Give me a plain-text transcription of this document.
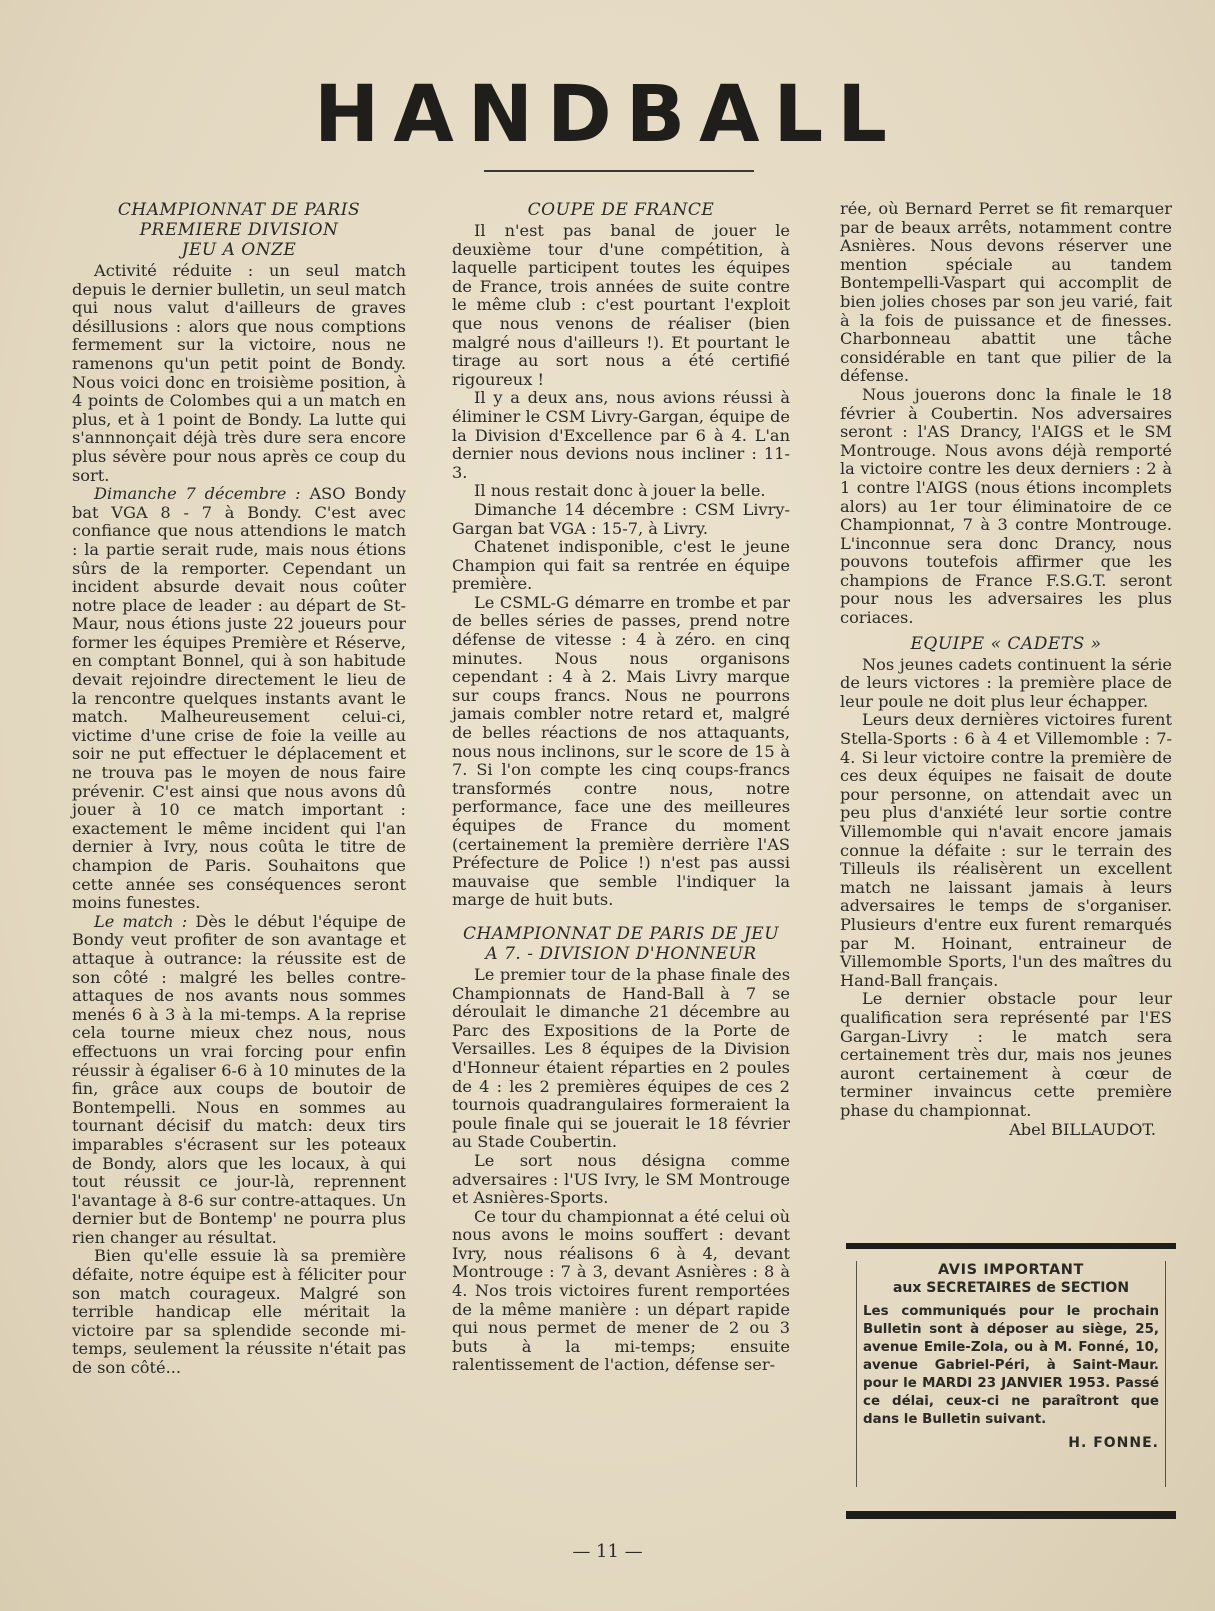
HANDBALL
CHAMPIONNAT DE PARIS
PREMIERE DIVISION
JEU A ONZE

Activité réduite : un seul match depuis le dernier bulletin, un seul match qui nous valut d'ailleurs de graves désillusions : alors que nous comptions fermement sur la victoire, nous ne ramenons qu'un petit point de Bondy. Nous voici donc en troisième position, à 4 points de Colombes qui a un match en plus, et à 1 point de Bondy. La lutte qui s'annnonçait déjà très dure sera encore plus sévère pour nous après ce coup du sort.

Dimanche 7 décembre : ASO Bondy bat VGA 8 - 7 à Bondy. C'est avec confiance que nous attendions le match : la partie serait rude, mais nous étions sûrs de la remporter. Cependant un incident absurde devait nous coûter notre place de leader : au départ de St-Maur, nous étions juste 22 joueurs pour former les équipes Première et Réserve, en comptant Bonnel, qui à son habitude devait rejoindre directement le lieu de la rencontre quelques instants avant le match. Malheureusement celui-ci, victime d'une crise de foie la veille au soir ne put effectuer le déplacement et ne trouva pas le moyen de nous faire prévenir. C'est ainsi que nous avons dû jouer à 10 ce match important : exactement le même incident qui l'an dernier à Ivry, nous coûta le titre de champion de Paris. Souhaitons que cette année ses conséquences seront moins funestes.

Le match : Dès le début l'équipe de Bondy veut profiter de son avantage et attaque à outrance: la réussite est de son côté : malgré les belles contre-attaques de nos avants nous sommes menés 6 à 3 à la mi-temps. A la reprise cela tourne mieux chez nous, nous effectuons un vrai forcing pour enfin réussir à égaliser 6-6 à 10 minutes de la fin, grâce aux coups de boutoir de Bontempelli. Nous en sommes au tournant décisif du match: deux tirs imparables s'écrasent sur les poteaux de Bondy, alors que les locaux, à qui tout réussit ce jour-là, reprennent l'avantage à 8-6 sur contre-attaques. Un dernier but de Bontemp' ne pourra plus rien changer au résultat.

Bien qu'elle essuie là sa première défaite, notre équipe est à féliciter pour son match courageux. Malgré son terrible handicap elle méritait la victoire par sa splendide seconde mi-temps, seulement la réussite n'était pas de son côté...

COUPE DE FRANCE

Il n'est pas banal de jouer le deuxième tour d'une compétition, à laquelle participent toutes les équipes de France, trois années de suite contre le même club : c'est pourtant l'exploit que nous venons de réaliser (bien malgré nous d'ailleurs !). Et pourtant le tirage au sort nous a été certifié rigoureux !

Il y a deux ans, nous avions réussi à éliminer le CSM Livry-Gargan, équipe de la Division d'Excellence par 6 à 4. L'an dernier nous devions nous incliner : 11-3.

Il nous restait donc à jouer la belle.

Dimanche 14 décembre : CSM Livry-Gargan bat VGA : 15-7, à Livry.

Chatenet indisponible, c'est le jeune Champion qui fait sa rentrée en équipe première.

Le CSML-G démarre en trombe et par de belles séries de passes, prend notre défense de vitesse : 4 à zéro. en cinq minutes. Nous nous organisons cependant : 4 à 2. Mais Livry marque sur coups francs. Nous ne pourrons jamais combler notre retard et, malgré de belles réactions de nos attaquants, nous nous inclinons, sur le score de 15 à 7. Si l'on compte les cinq coups-francs transformés contre nous, notre performance, face une des meilleures équipes de France du moment (certainement la première derrière l'AS Préfecture de Police !) n'est pas aussi mauvaise que semble l'indiquer la marge de huit buts.

CHAMPIONNAT DE PARIS DE JEU
A 7. - DIVISION D'HONNEUR

Le premier tour de la phase finale des Championnats de Hand-Ball à 7 se déroulait le dimanche 21 décembre au Parc des Expositions de la Porte de Versailles. Les 8 équipes de la Division d'Honneur étaient réparties en 2 poules de 4 : les 2 premières équipes de ces 2 tournois quadrangulaires formeraient la poule finale qui se jouerait le 18 février au Stade Coubertin.

Le sort nous désigna comme adversaires : l'US Ivry, le SM Montrouge et Asnières-Sports.

Ce tour du championnat a été celui où nous avons le moins souffert : devant Ivry, nous réalisons 6 à 4, devant Montrouge : 7 à 3, devant Asnières : 8 à 4. Nos trois victoires furent remportées de la même manière : un départ rapide qui nous permet de mener de 2 ou 3 buts à la mi-temps; ensuite ralentissement de l'action, défense ser-

rée, où Bernard Perret se fit remarquer par de beaux arrêts, notamment contre Asnières. Nous devons réserver une mention spéciale au tandem Bontempelli-Vaspart qui accomplit de bien jolies choses par son jeu varié, fait à la fois de puissance et de finesses. Charbonneau abattit une tâche considérable en tant que pilier de la défense.

Nous jouerons donc la finale le 18 février à Coubertin. Nos adversaires seront : l'AS Drancy, l'AIGS et le SM Montrouge. Nous avons déjà remporté la victoire contre les deux derniers : 2 à 1 contre l'AIGS (nous étions incomplets alors) au 1er tour éliminatoire de ce Championnat, 7 à 3 contre Montrouge. L'inconnue sera donc Drancy, nous pouvons toutefois affirmer que les champions de France F.S.G.T. seront pour nous les adversaires les plus coriaces.

EQUIPE « CADETS »

Nos jeunes cadets continuent la série de leurs victores : la première place de leur poule ne doit plus leur échapper.

Leurs deux dernières victoires furent Stella-Sports : 6 à 4 et Villemomble : 7-4. Si leur victoire contre la première de ces deux équipes ne faisait de doute pour personne, on attendait avec un peu plus d'anxiété leur sortie contre Villemomble qui n'avait encore jamais connue la défaite : sur le terrain des Tilleuls ils réalisèrent un excellent match ne laissant jamais à leurs adversaires le temps de s'organiser. Plusieurs d'entre eux furent remarqués par M. Hoinant, entraineur de Villemomble Sports, l'un des maîtres du Hand-Ball français.

Le dernier obstacle pour leur qualification sera représenté par l'ES Gargan-Livry : le match sera certainement très dur, mais nos jeunes auront certainement à cœur de terminer invaincus cette première phase du championnat.

Abel BILLAUDOT.

AVIS IMPORTANT
aux SECRETAIRES de SECTION
Les communiqués pour le prochain Bulletin sont à déposer au siège, 25, avenue Emile-Zola, ou à M. Fonné, 10, avenue Gabriel-Péri, à Saint-Maur. pour le MARDI 23 JANVIER 1953. Passé ce délai, ceux-ci ne paraîtront que dans le Bulletin suivant.
H. FONNE.
— 11 —
